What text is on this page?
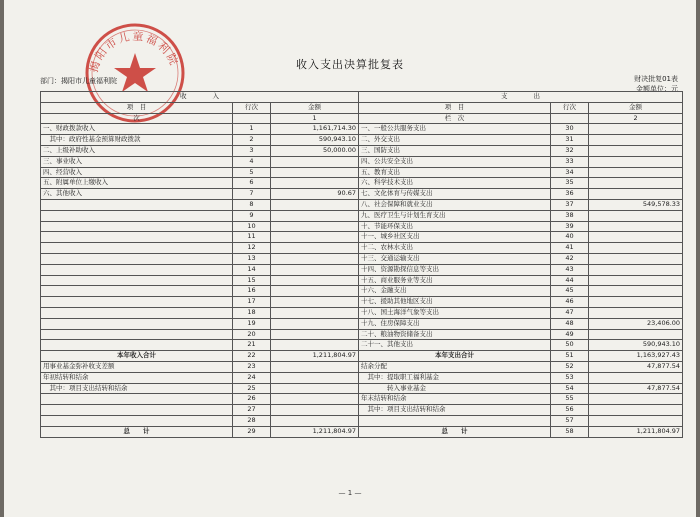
揭阳市儿童福利院	收入支出决算批复表
部门：揭阳市儿童福利院	财决批复01表
金额单位：元
收　　　　 入			支　　　　 出		
项　 目	行次	金额	项　 目	行次	金额
次		1	栏　 次		2
一、财政拨款收入	1	1,161,714.30	一、一般公共服务支出	30	
　其中：政府性基金预算财政拨款	2	590,943.10	二、外交支出	31	
二、上级补助收入	3	50,000.00	三、国防支出	32	
三、事业收入	4		四、公共安全支出	33	
四、经营收入	5		五、教育支出	34	
五、附属单位上缴收入	6		六、科学技术支出	35	
六、其他收入	7	90.67	七、文化体育与传媒支出	36	
	8		八、社会保障和就业支出	37	549,578.33
	9		九、医疗卫生与计划生育支出	38	
	10		十、节能环保支出	39	
	11		十一、城乡社区支出	40	
	12		十二、农林水支出	41	
	13		十三、交通运输支出	42	
	14		十四、资源勘探信息等支出	43	
	15		十五、商业服务业等支出	44	
	16		十六、金融支出	45	
	17		十七、援助其他地区支出	46	
	18		十八、国土海洋气象等支出	47	
	19		十九、住房保障支出	48	23,406.00
	20		二十、粮油物资储备支出	49	
	21		二十一、其他支出	50	590,943.10
本年收入合计	22	1,211,804.97	本年支出合计	51	1,163,927.43
用事业基金弥补收支差额	23		结余分配	52	47,877.54
年初结转和结余	24		　其中：提取职工福利基金	53	
　其中：项目支出结转和结余	25		　　　　转入事业基金	54	47,877.54
	26		年末结转和结余	55	
	27		　其中：项目支出结转和结余	56	
	28			57	
总　　计	29	1,211,804.97	总　　计	58	1,211,804.97
— 1 —
